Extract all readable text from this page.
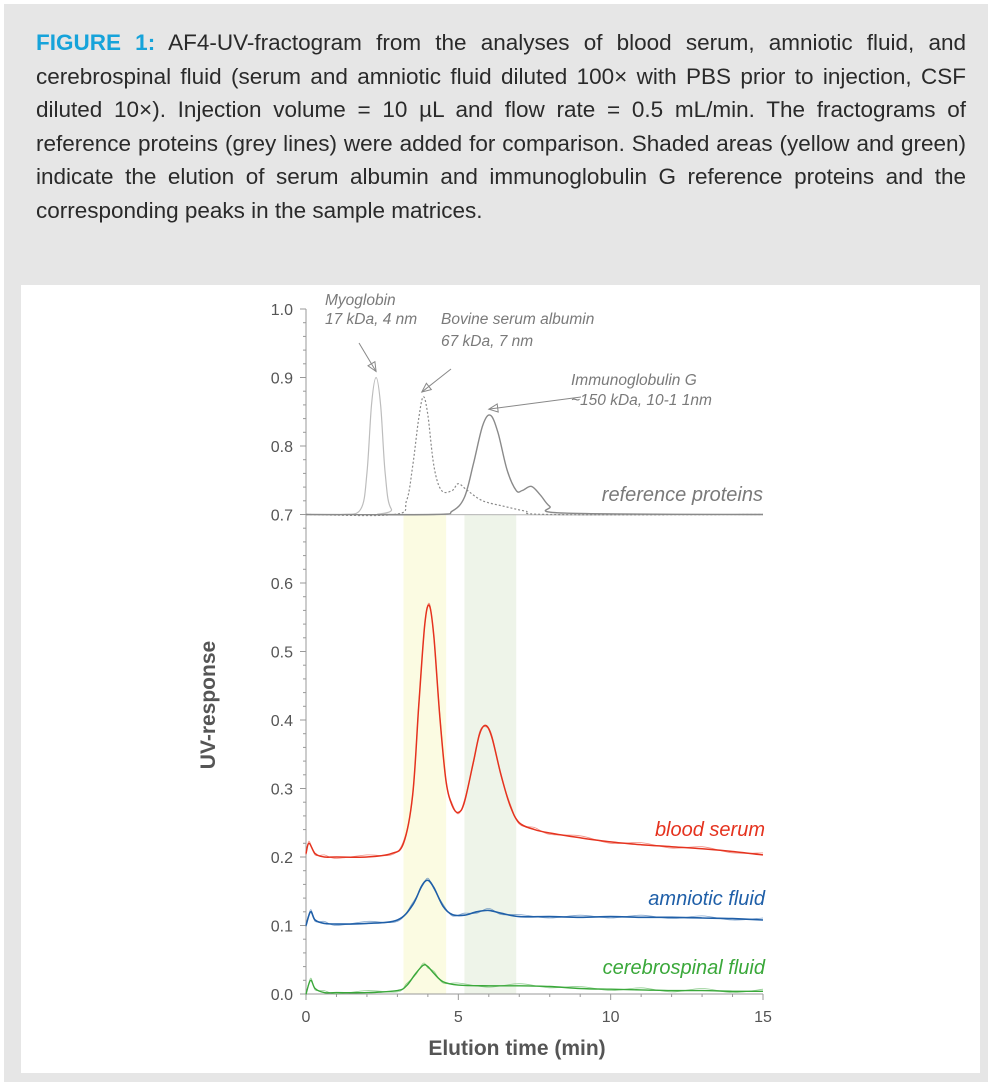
FIGURE 1: AF4-UV-fractogram from the analyses of blood serum, amniotic fluid, and cerebrospinal fluid (serum and amniotic fluid diluted 100× with PBS prior to injection, CSF diluted 10×). Injection volume = 10 µL and flow rate = 0.5 mL/min. The fractograms of reference proteins (grey lines) were added for comparison. Shaded areas (yellow and green) indicate the elution of serum albumin and immunoglobulin G reference proteins and the corresponding peaks in the sample matrices.
0.0
0.1
0.2
0.3
0.4
0.5
0.6
0.7
0.8
0.9
1.0
0	5	10	15
Myoglobin
17 kDa, 4 nm Bovine serum albumin
67 kDa, 7 nm
Immunoglobulin G
~150 kDa, 10-1 1nm
Elution time (min)
UV-response
reference proteins
blood serum
amniotic fluid
cerebrospinal fluid
